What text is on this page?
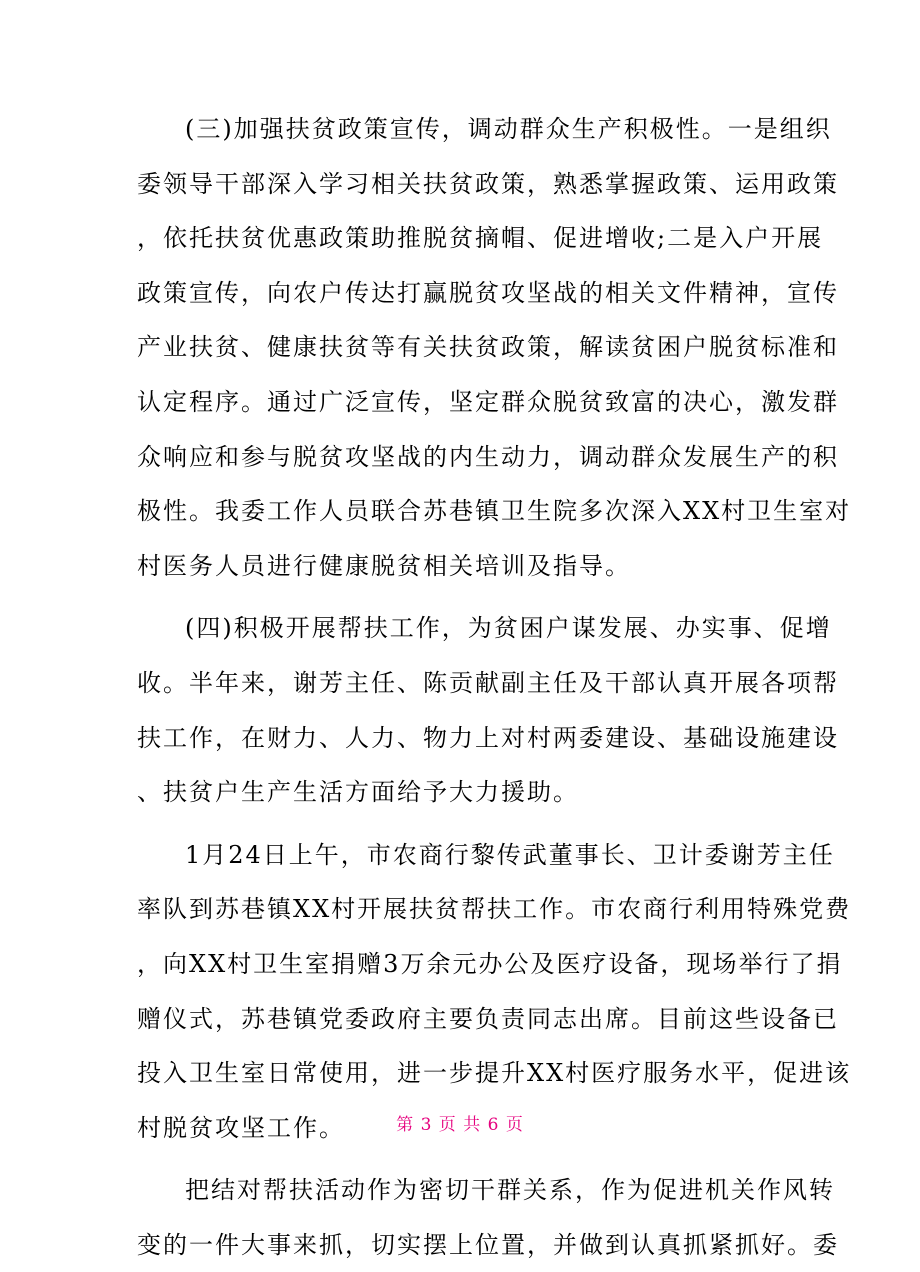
(三)加强扶贫政策宣传，调动群众生产积极性。一是组织
委领导干部深入学习相关扶贫政策，熟悉掌握政策、运用政策
，依托扶贫优惠政策助推脱贫摘帽、促进增收;二是入户开展
政策宣传，向农户传达打赢脱贫攻坚战的相关文件精神，宣传
产业扶贫、健康扶贫等有关扶贫政策，解读贫困户脱贫标准和
认定程序。通过广泛宣传，坚定群众脱贫致富的决心，激发群
众响应和参与脱贫攻坚战的内生动力，调动群众发展生产的积
极性。我委工作人员联合苏巷镇卫生院多次深入XX村卫生室对
村医务人员进行健康脱贫相关培训及指导。
(四)积极开展帮扶工作，为贫困户谋发展、办实事、促增
收。半年来，谢芳主任、陈贡献副主任及干部认真开展各项帮
扶工作，在财力、人力、物力上对村两委建设、基础设施建设
、扶贫户生产生活方面给予大力援助。
1月24日上午，市农商行黎传武董事长、卫计委谢芳主任
率队到苏巷镇XX村开展扶贫帮扶工作。市农商行利用特殊党费
，向XX村卫生室捐赠3万余元办公及医疗设备，现场举行了捐
赠仪式，苏巷镇党委政府主要负责同志出席。目前这些设备已
投入卫生室日常使用，进一步提升XX村医疗服务水平，促进该
村脱贫攻坚工作。
把结对帮扶活动作为密切干群关系，作为促进机关作风转
变的一件大事来抓，切实摆上位置，并做到认真抓紧抓好。委
第 3 页 共 6 页
